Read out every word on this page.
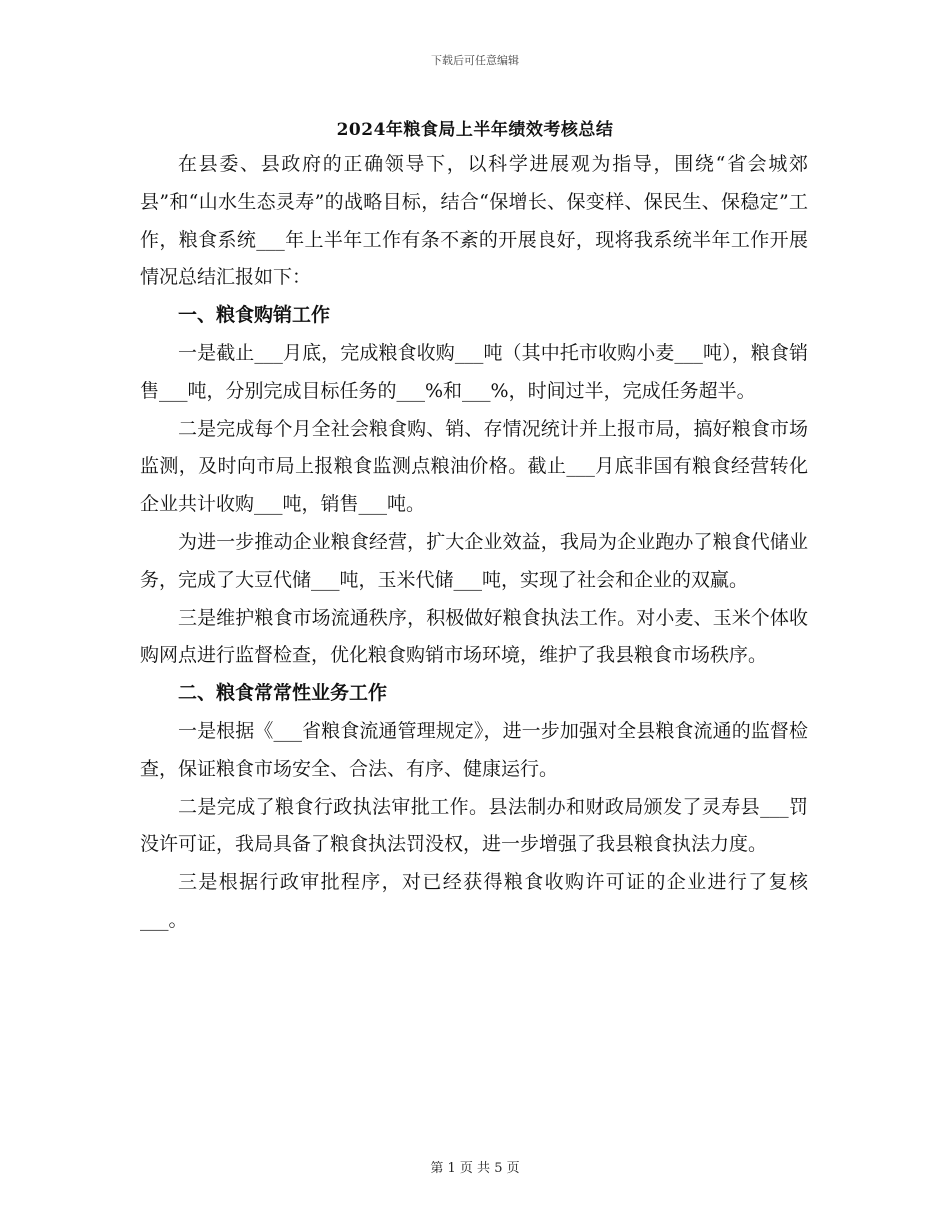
下载后可任意编辑
2024年粮食局上半年绩效考核总结

在县委、县政府的正确领导下，以科学进展观为指导，围绕“省会城郊县”和“山水生态灵寿”的战略目标，结合“保增长、保变样、保民生、保稳定”工作，粮食系统___年上半年工作有条不紊的开展良好，现将我系统半年工作开展情况总结汇报如下：

一、粮食购销工作

一是截止___月底，完成粮食收购___吨（其中托市收购小麦___吨），粮食销售___吨，分别完成目标任务的___%和___%，时间过半，完成任务超半。

二是完成每个月全社会粮食购、销、存情况统计并上报市局，搞好粮食市场监测，及时向市局上报粮食监测点粮油价格。截止___月底非国有粮食经营转化企业共计收购___吨，销售___吨。

为进一步推动企业粮食经营，扩大企业效益，我局为企业跑办了粮食代储业务，完成了大豆代储___吨，玉米代储___吨，实现了社会和企业的双赢。

三是维护粮食市场流通秩序，积极做好粮食执法工作。对小麦、玉米个体收购网点进行监督检查，优化粮食购销市场环境，维护了我县粮食市场秩序。

二、粮食常常性业务工作

一是根据《___省粮食流通管理规定》，进一步加强对全县粮食流通的监督检查，保证粮食市场安全、合法、有序、健康运行。

二是完成了粮食行政执法审批工作。县法制办和财政局颁发了灵寿县___罚没许可证，我局具备了粮食执法罚没权，进一步增强了我县粮食执法力度。

三是根据行政审批程序，对已经获得粮食收购许可证的企业进行了复核___。

第 1 页 共 5 页
